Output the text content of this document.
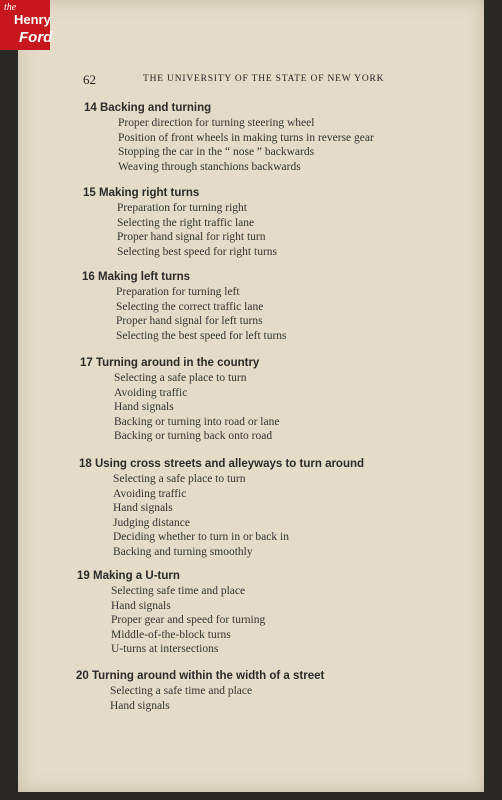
the
Henry
Ford
62	THE UNIVERSITY OF THE STATE OF NEW YORK
14 Backing and turning
Proper direction for turning steering wheel
Position of front wheels in making turns in reverse gear
Stopping the car in the “ nose ” backwards
Weaving through stanchions backwards
15 Making right turns
Preparation for turning right
Selecting the right traffic lane
Proper hand signal for right turn
Selecting best speed for right turns
16 Making left turns
Preparation for turning left
Selecting the correct traffic lane
Proper hand signal for left turns
Selecting the best speed for left turns
17 Turning around in the country
Selecting a safe place to turn
Avoiding traffic
Hand signals
Backing or turning into road or lane
Backing or turning back onto road
18 Using cross streets and alleyways to turn around
Selecting a safe place to turn
Avoiding traffic
Hand signals
Judging distance
Deciding whether to turn in or back in
Backing and turning smoothly
19 Making a U-turn
Selecting safe time and place
Hand signals
Proper gear and speed for turning
Middle-of-the-block turns
U-turns at intersections
20 Turning around within the width of a street
Selecting a safe time and place
Hand signals
